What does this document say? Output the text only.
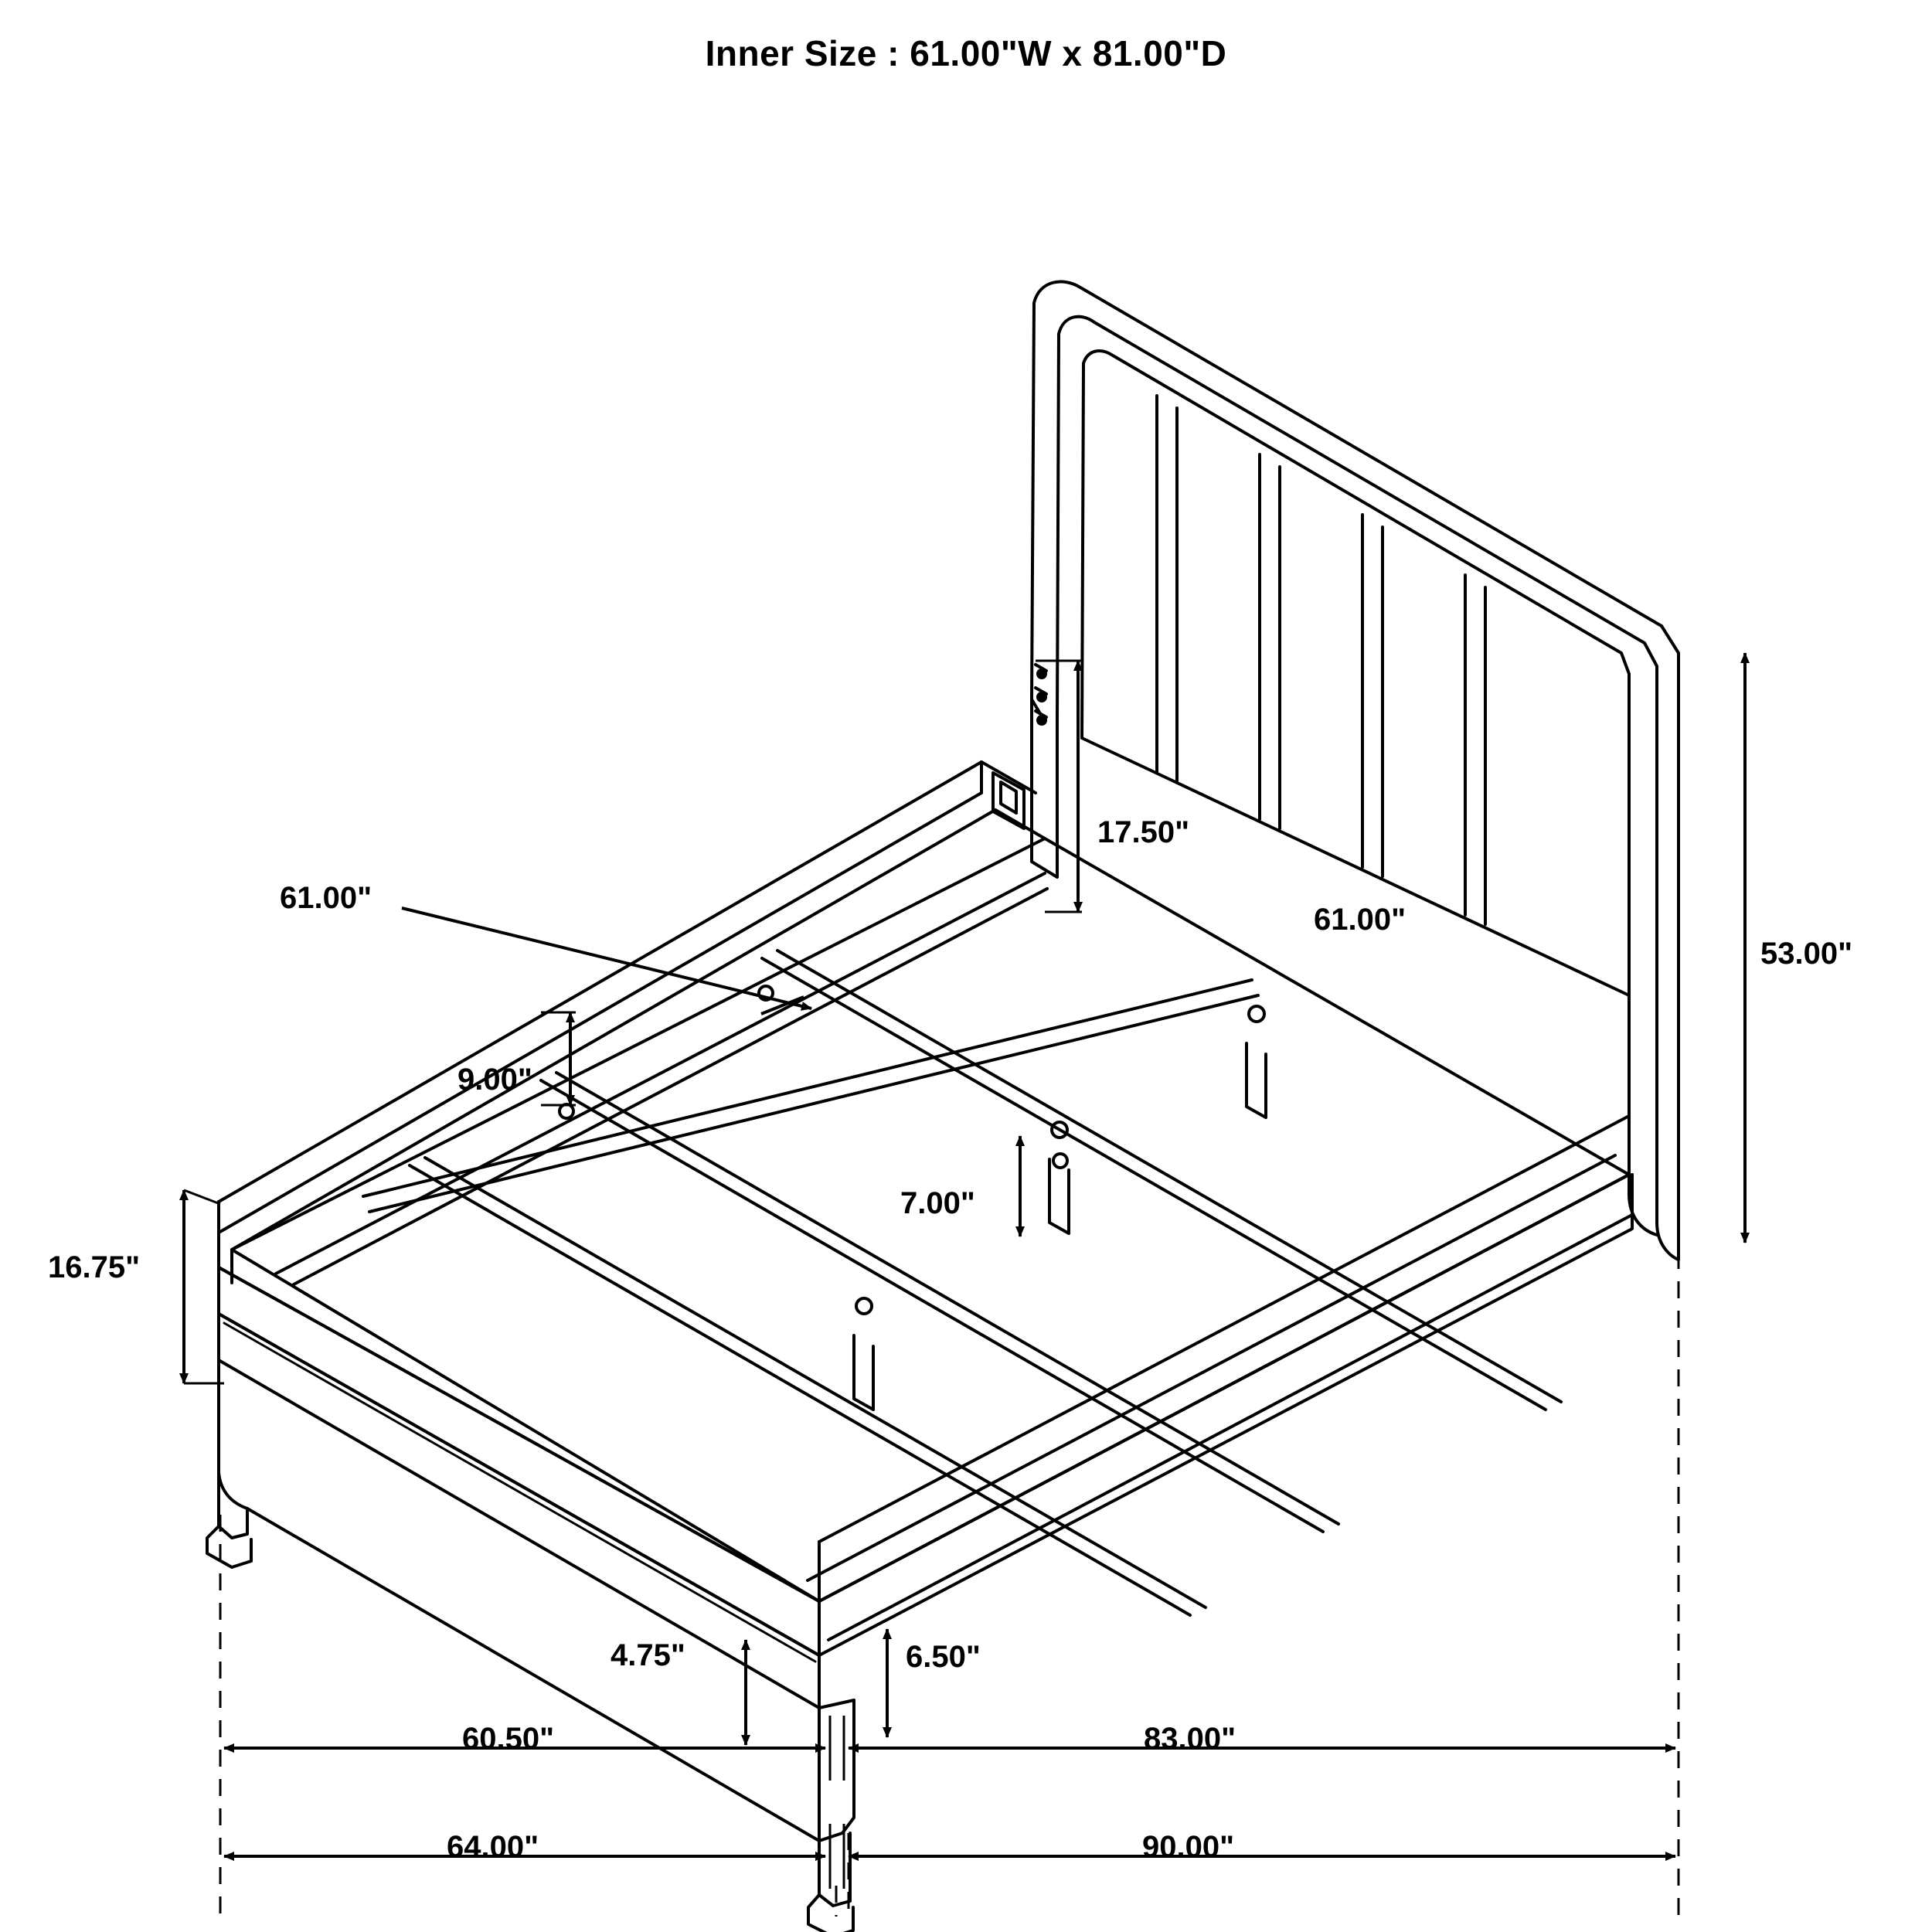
Inner Size : 61.00"W x 81.00"D
17.50"
61.00"
61.00"
53.00"
9.00"
7.00"
16.75"
4.75"	6.50"
60.50"	83.00"
64.00"	90.00"
